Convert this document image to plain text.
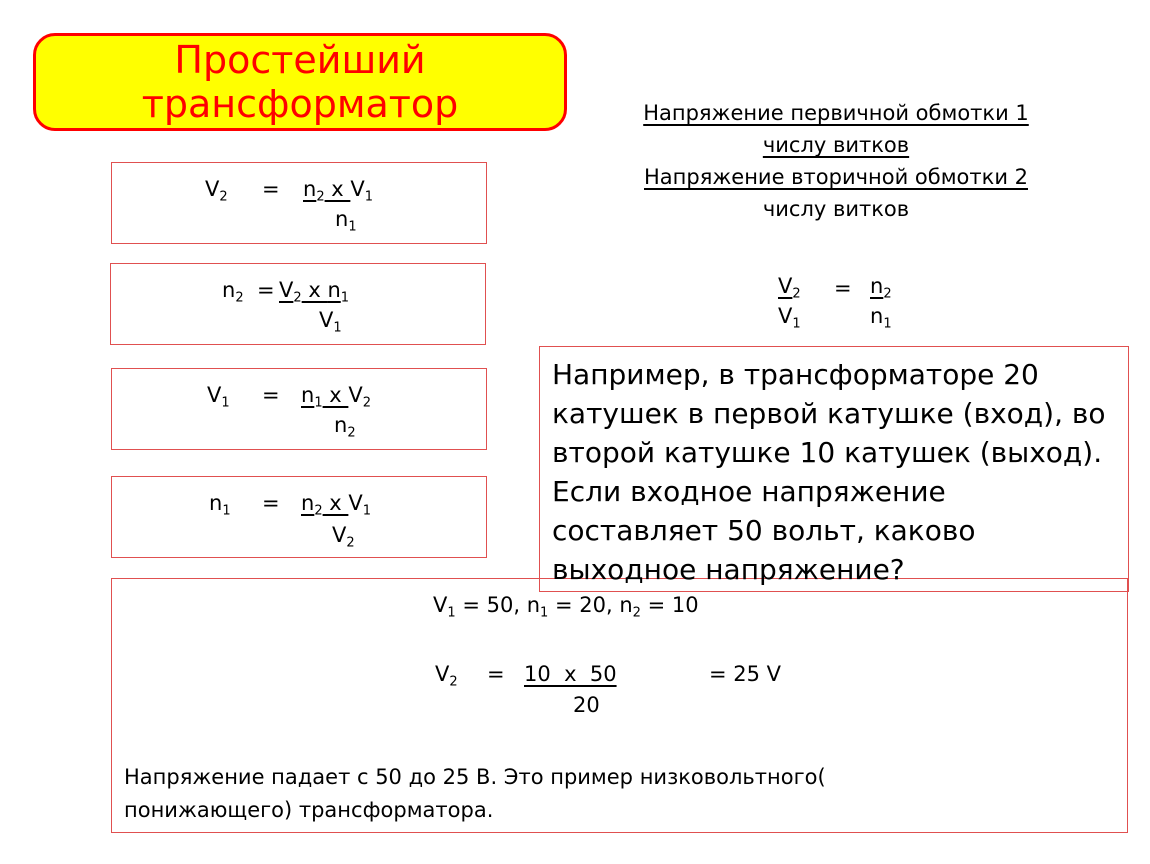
Простейший
трансформатор
$V_2 = n_2$ x $V_1$
$n_1$
$n_2 = V_2$ x $n_1$
$V_1$
$V_1 = n_1$ x $V_2$
$n_2$
$n_1 = n_2$ x $V_1$
$V_2$
Напряжение первичной обмотки 1
числу витков
Напряжение вторичной обмотки 2
числу витков
$V_2$
$V_1$
= $n_2$
$n_1$
$V_1 = 50$, $n_1 = 20$, $n_2 = 10$
$V_2 = 10$  x  50
20
= 25 V
Напряжение падает с 50 до 25 В. Это пример низковольтного(
понижающего) трансформатора.
Например, в трансформаторе 20
катушек в первой катушке (вход), во
второй катушке 10 катушек (выход).
Если входное напряжение
составляет 50 вольт, каково
выходное напряжение?
